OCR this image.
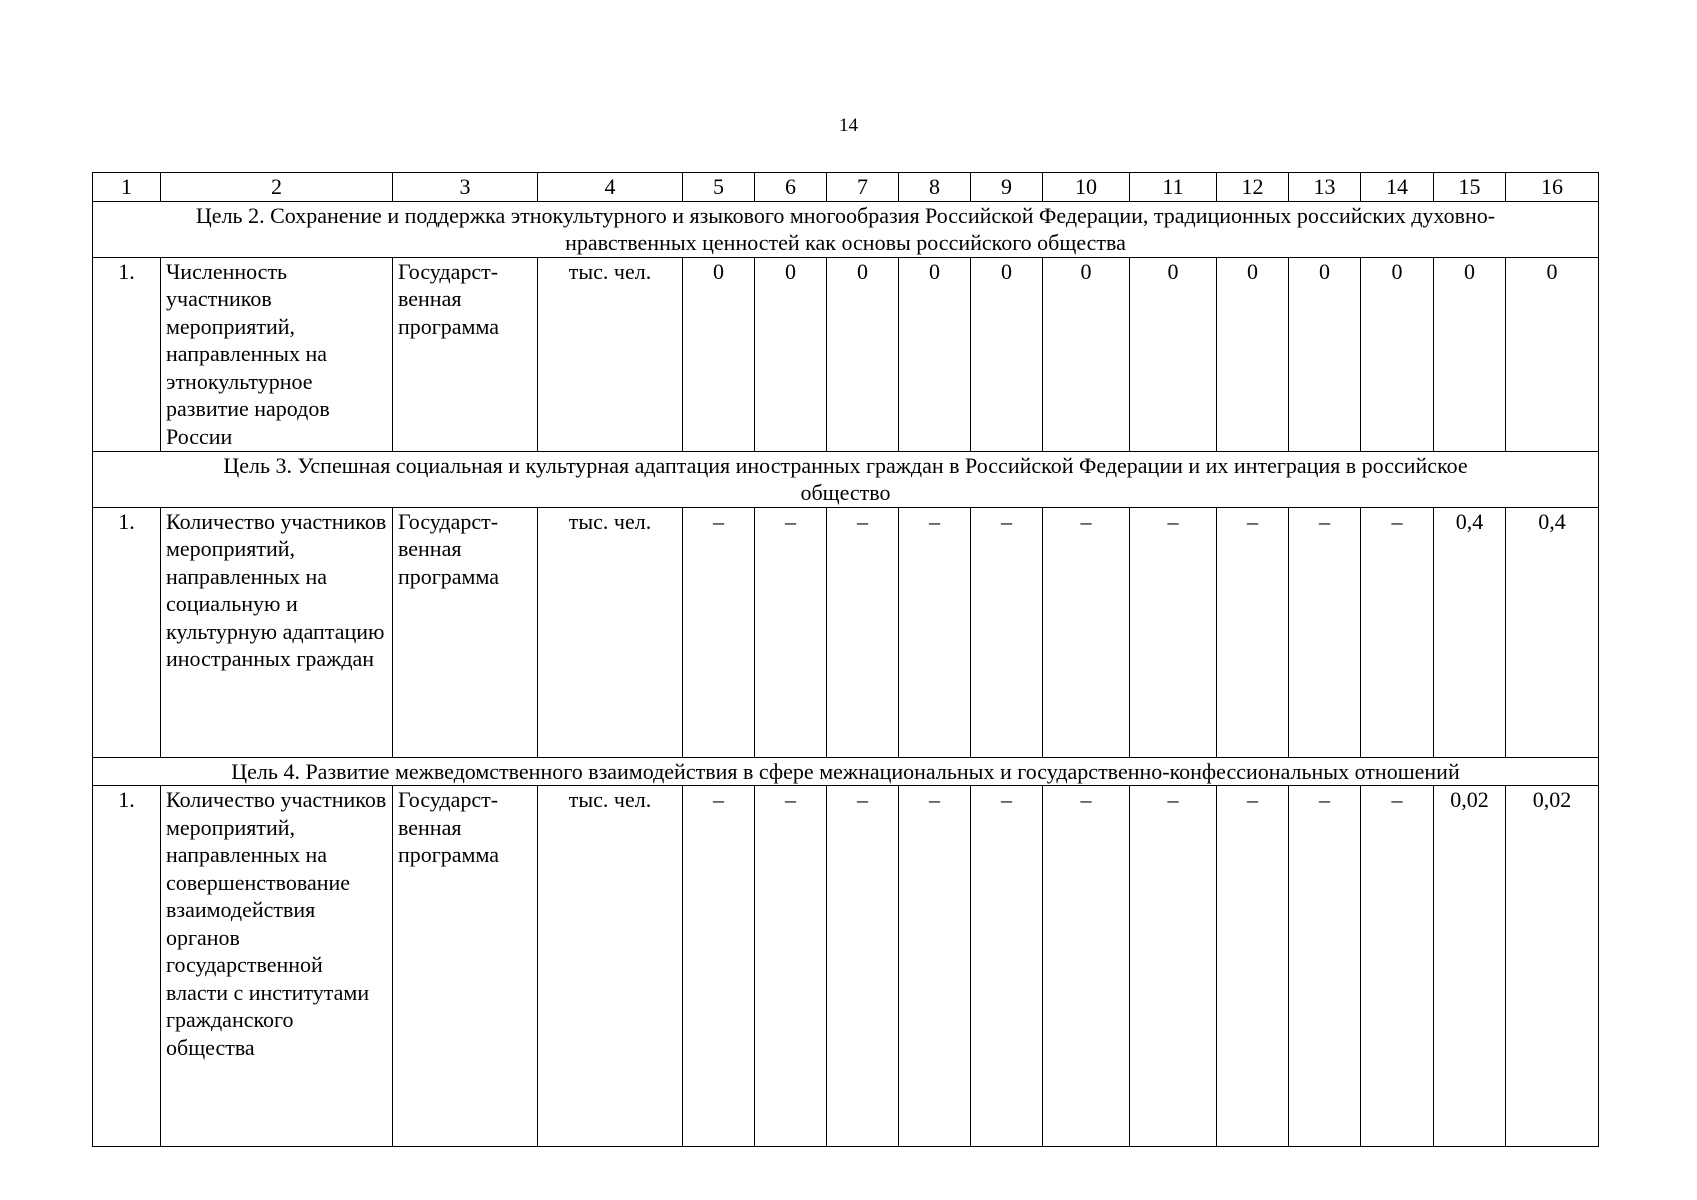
14
1	2	3	4	5	6	7	8	9	10	11	12	13	14	15	16
Цель 2. Сохранение и поддержка этнокультурного и языкового многообразия Российской Федерации, традиционных российских духовно-нравственных ценностей как основы российского общества															
1.	Численность участников мероприятий, направленных на этнокультурное развитие народов России	Государст-венная программа	тыс. чел.	0	0	0	0	0	0	0	0	0	0	0	0
Цель 3. Успешная социальная и культурная адаптация иностранных граждан в Российской Федерации и их интеграция в российское общество															
1.	Количество участников мероприятий, направленных на социальную и культурную адаптацию иностранных граждан	Государст-венная программа	тыс. чел.	–	–	–	–	–	–	–	–	–	–	0,4	0,4
Цель 4. Развитие межведомственного взаимодействия в сфере межнациональных и государственно-конфессиональных отношений															
1.	Количество участников мероприятий, направленных на совершенствование взаимодействия органов государственной власти с институтами гражданского общества	Государст-венная программа	тыс. чел.	–	–	–	–	–	–	–	–	–	–	0,02	0,02
